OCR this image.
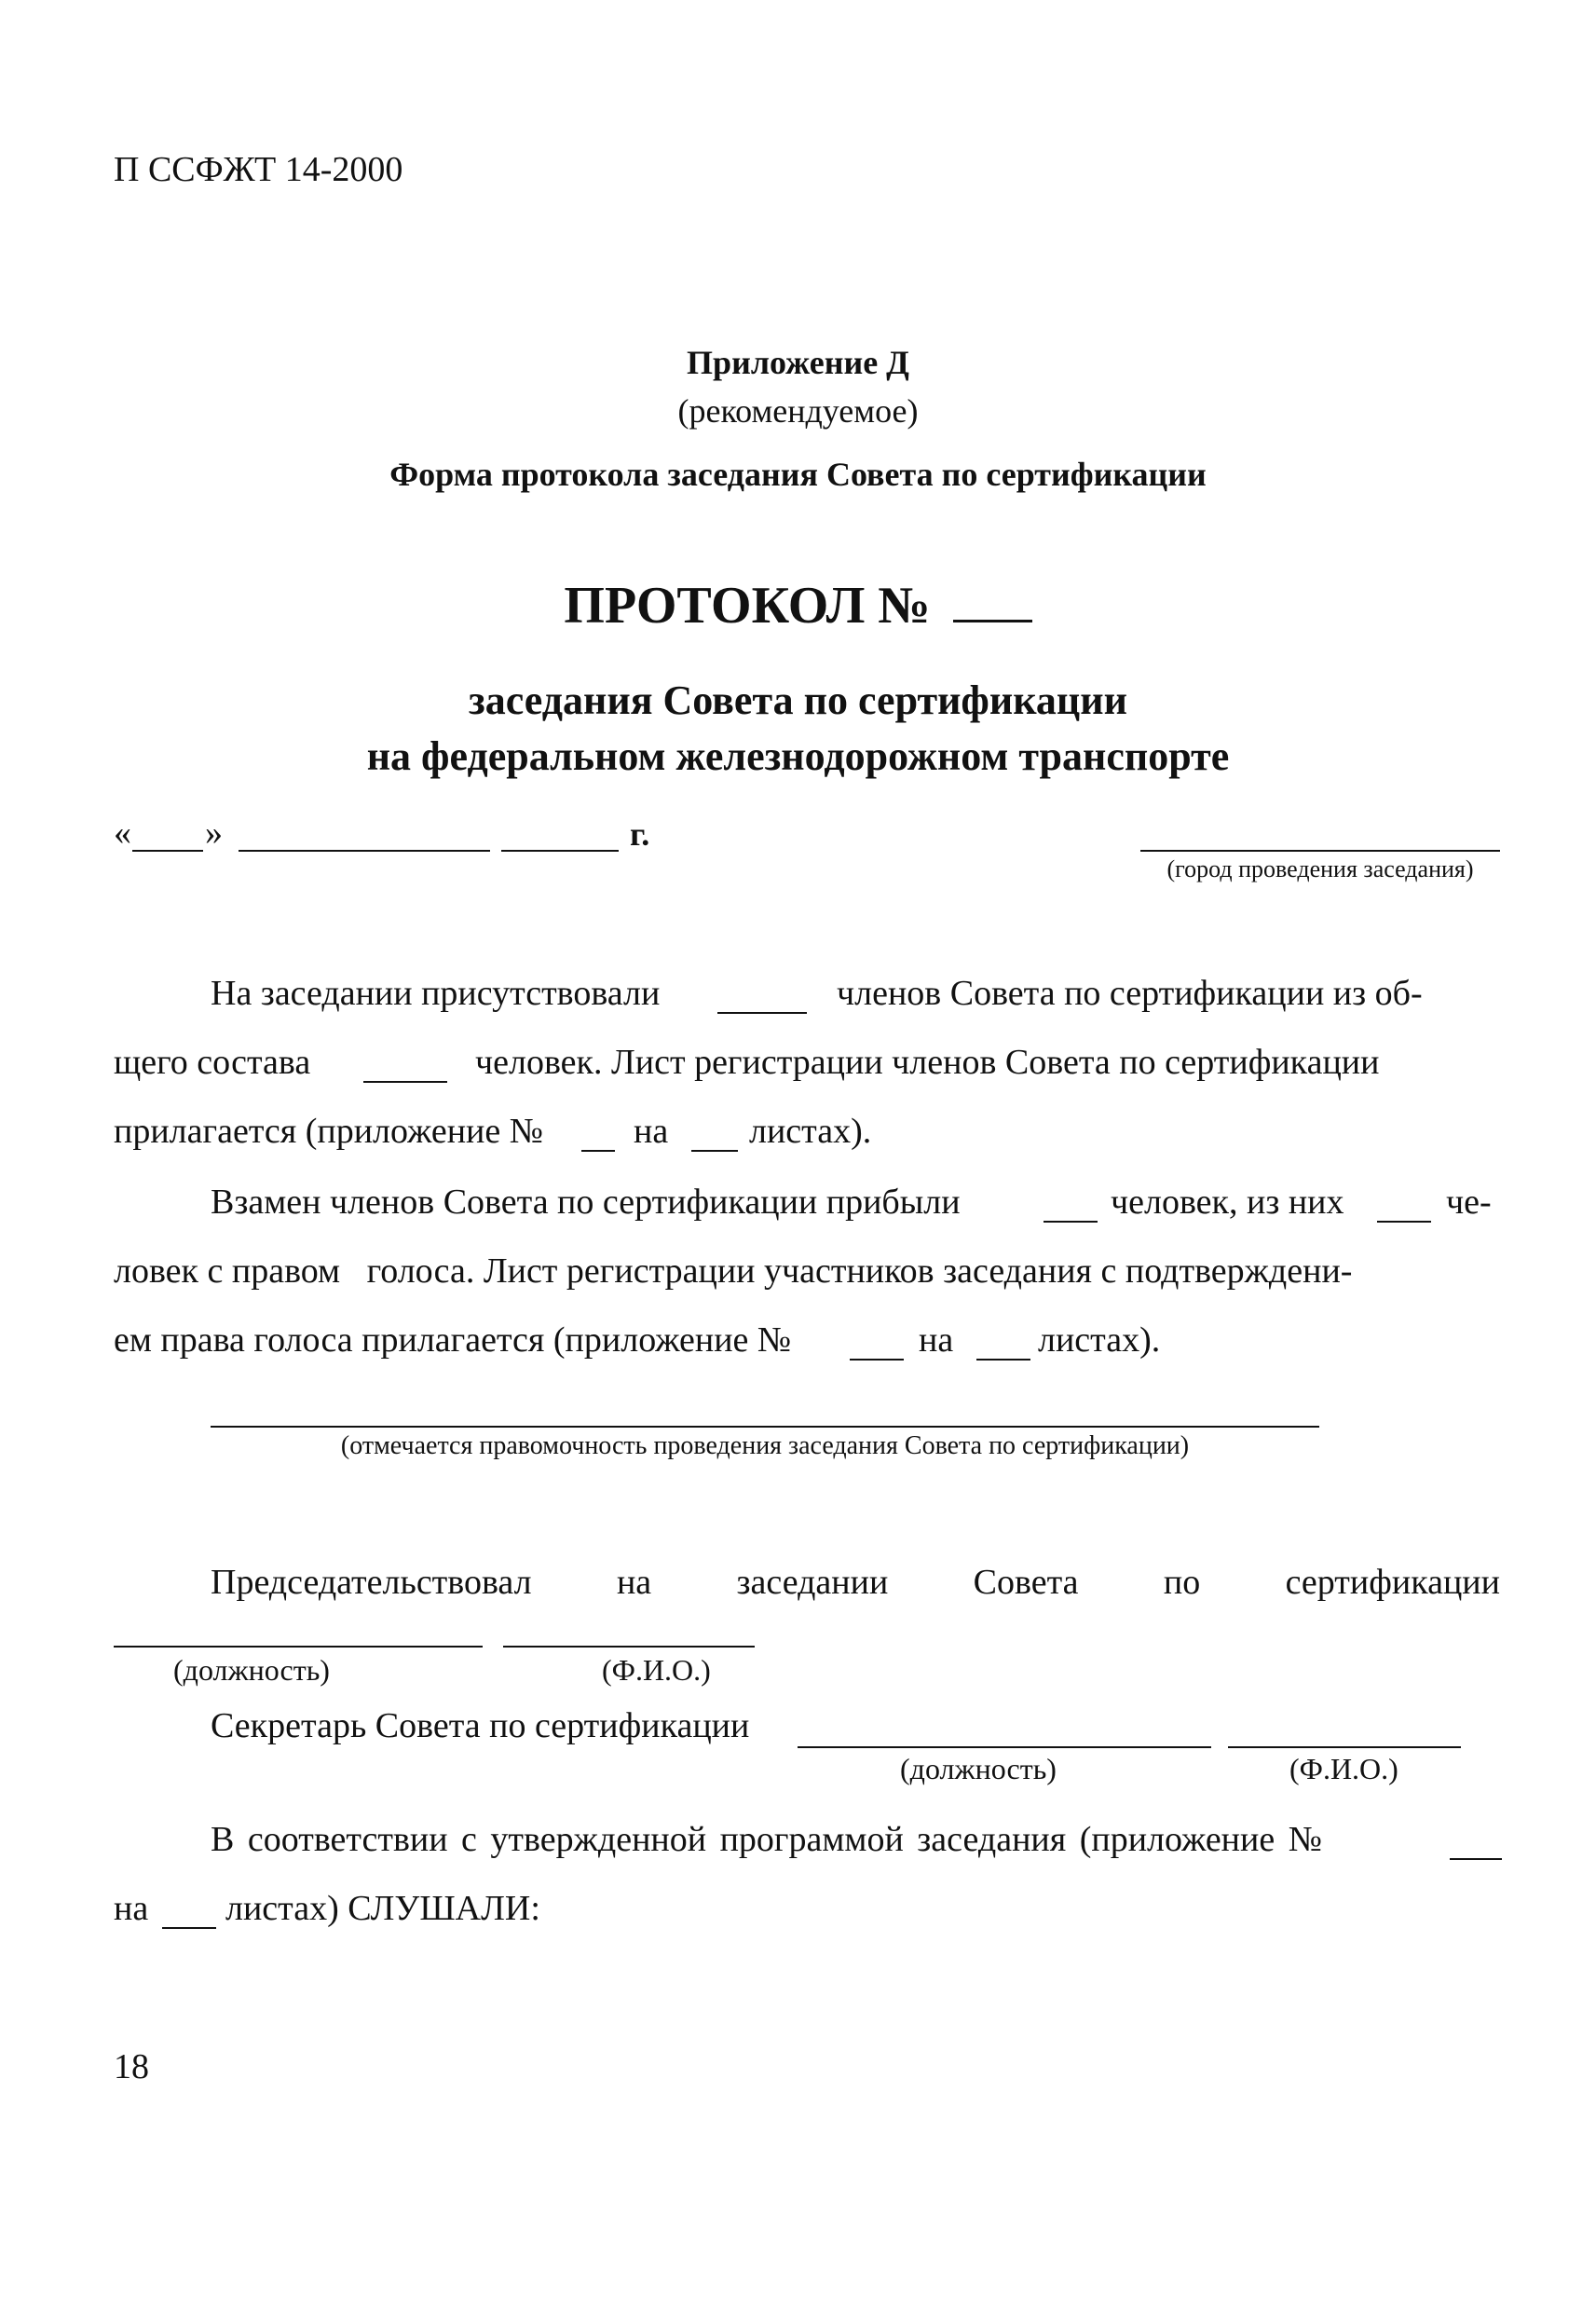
П ССФЖТ 14-2000
Приложение Д
(рекомендуемое)
Форма протокола заседания Совета по сертификации
ПРОТОКОЛ №
заседания Совета по сертификации
на федеральном железнодорожном транспорте
« »	г.
(город проведения заседания)
На заседании присутствовали	членов Совета по сертификации из об-
щего состава	человек. Лист регистрации членов Совета по сертификации
прилагается (приложение №	на листах).
Взамен членов Совета по сертификации прибыли	человек, из них	че-
ловек с правом   голоса. Лист регистрации участников заседания с подтверждени-
ем права голоса прилагается (приложение №	на листах).
(отмечается правомочность проведения заседания Совета по сертификации)
Председательствовал на заседании Совета по сертификации
(должность)	(Ф.И.О.)
Секретарь Совета по сертификации
(должность)	(Ф.И.О.)
В соответствии с утвержденной программой заседания (приложение №
на листах) СЛУШАЛИ:
18
